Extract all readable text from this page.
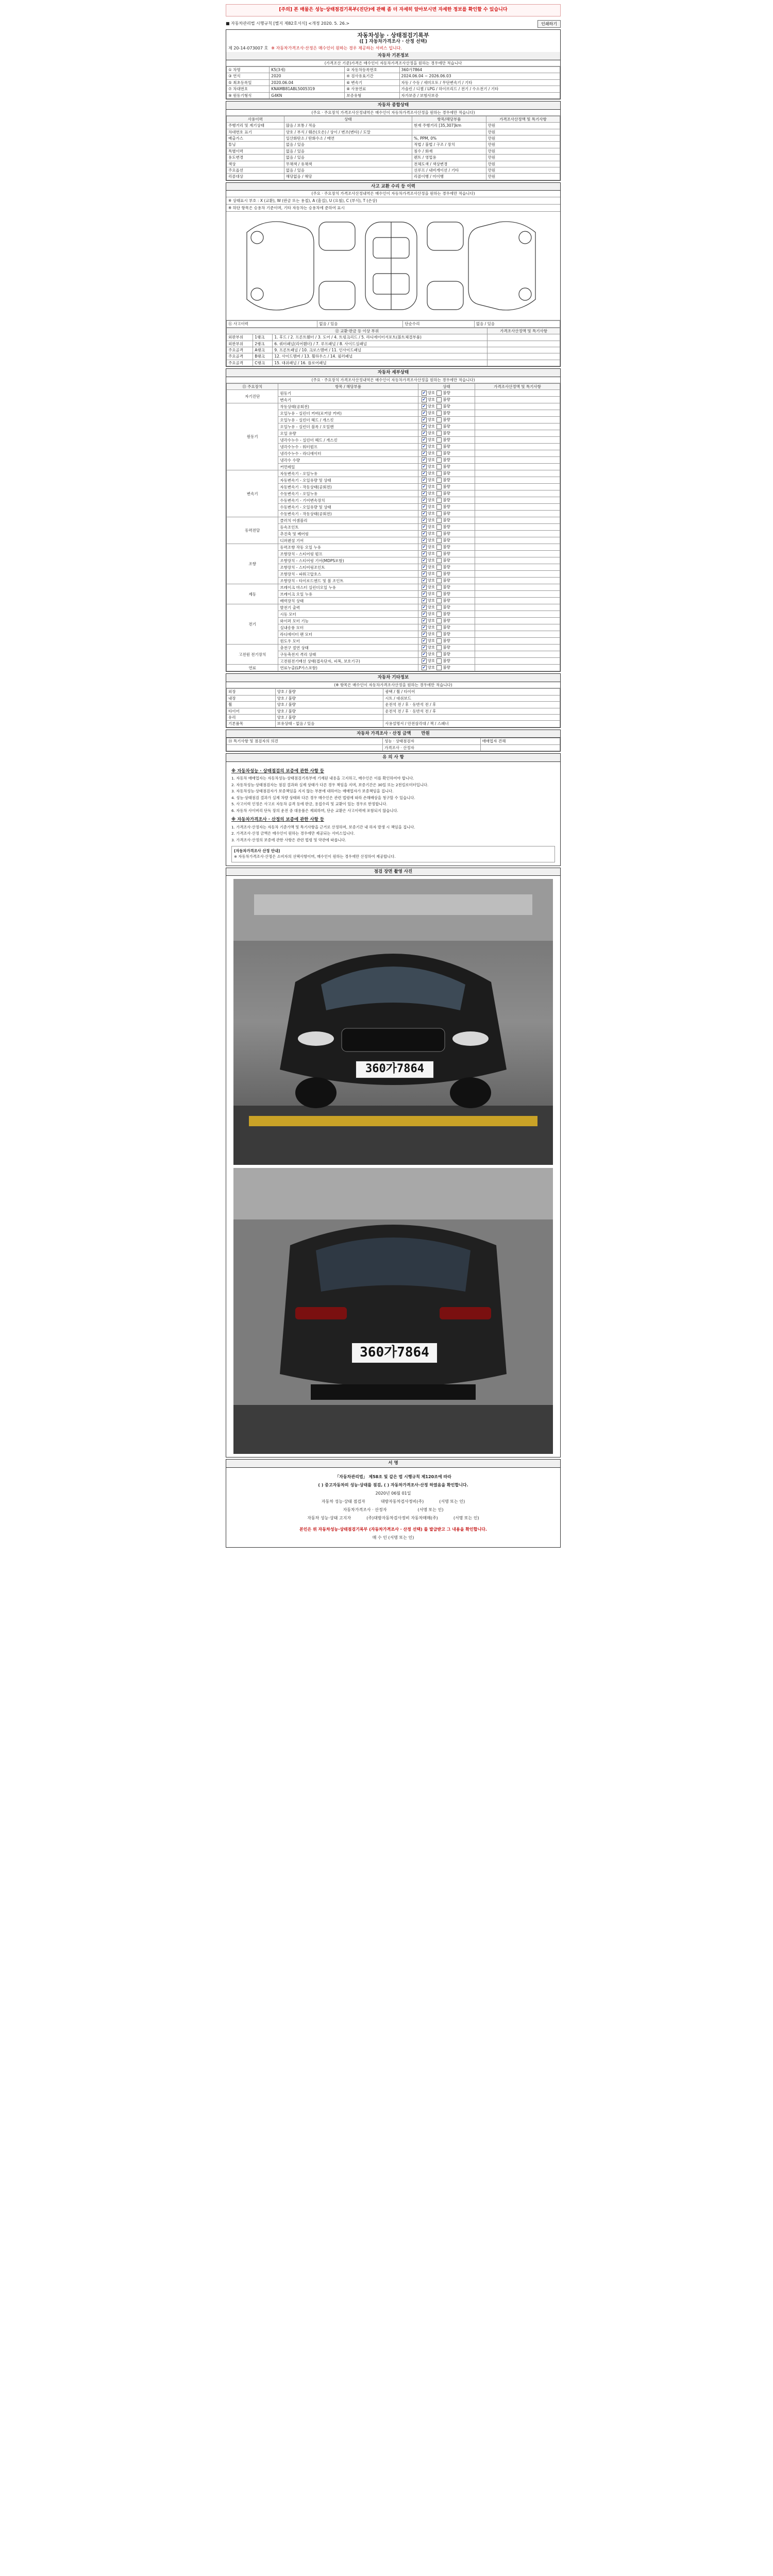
[주의] 본 매물은 성능·상태점검기록부(진단)에 관해 좀 더 자세히 알아보시면 자세한 정보를 확인할 수 있습니다
■ 자동차관리법 시행규칙 [별지 제82호서식] <개정 2020. 5. 26.>	인쇄하기
자동차성능 · 상태점검기록부
([ ] 자동차가격조사 · 산정 선택)
제 20-14-073007 호 ※ 자동차가격조사·산정은 매수인이 원하는 경우 제공하는 서비스 입니다.
자동차 기본정보
(가격조산 기준)가격은 매수인이 자동차가격조사산정을 원하는 경우에만 적습니다
① 차명	K5(3세)	② 자동차등록번호	360가7864
③ 연식	2020	④ 검사유효기간	2024.06.04 ~ 2026.06.03
⑤ 최초등록일	2020.06.04	⑥ 변속기	자동 / 수동 / 세미오토 / 무단변속기 / 기타
⑦ 차대번호	KNAMB81ABL5005319	⑧ 사용연료	가솔린 / 디젤 / LPG / 하이브리드 / 전기 / 수소전기 / 기타
⑨ 원동기형식	G4KN	보증유형	자가보증 / 보험사보증
자동차 종합상태
(주요 · 주요장치 가격조사산정내역은 매수인이 자동차가격조사산정을 원하는 경우에만 적습니다)
사용이력	상태	항목/해당부품	가격조사산정액 및 특기사항
주행거리 및 계기상태	많음 / 보통 / 적음	현재 주행거리 [35,307]km	만원
차대번호 표기	양호 / 부식 / 훼손(오손) / 상이 / 변조(변타) / 도말		만원
배출가스	일산화탄소 / 탄화수소 / 매연	%, PPM, 0%	만원
튜닝	없음 / 있음	적법 / 불법 / 구조 / 장치	만원
특별이력	없음 / 있음	침수 / 화재	만원
용도변경	없음 / 있음	렌트 / 영업용	만원
색상	무채색 / 유채색	전체도색 / 색상변경	만원
주요옵션	없음 / 있음	선루프 / 내비게이션 / 기타	만원
리콜대상	해당없음 / 해당	리콜이행 / 미이행	만원
사고 교환 수리 등 이력
(주요 · 주요장치 가격조사산정내역은 매수인이 자동차가격조사산정을 원하는 경우에만 적습니다)
※ 상태표시 부호 : X (교환), W (판금 또는 용접), A (흠집), U (요철), C (부식), T (손상)
※ 하단 항목은 승용차 기준이며, 기타 자동차는 승용차에 준하여 표시
⑪ 사고이력	없음 / 있음	단순수리	없음 / 있음
⑫ 교환·판금 등 이상 부위			가격조사산정액 및 특기사항
외판부위	1랭크	1. 후드 / 2. 프론트휀더 / 3. 도어 / 4. 트렁크리드 / 5. 라디에이터서포트(볼트체결부품)	
외판부위	2랭크	6. 쿼터패널(리어휀더) / 7. 루프패널 / 8. 사이드실패널	
주요골격	A랭크	9. 프론트패널 / 10. 크로스멤버 / 11. 인사이드패널	
주요골격	B랭크	12. 사이드멤버 / 13. 휠하우스 / 14. 필러패널	
주요골격	C랭크	15. 대쉬패널 / 16. 플로어패널	
자동차 세부상태
(주요 · 주요장치 가격조사산정내역은 매수인이 자동차가격조사산정을 원하는 경우에만 적습니다)
⑬ 주요장치	항목 / 해당부품	상태	가격조사산정액 및 특기사항
자기진단	원동기	✔양호 불량	
	변속기	✔양호 불량	
원동기	작동상태(공회전)	✔양호 불량	
	오일누유 - 실린더 커버(로커암 커버)	✔양호 불량	
	오일누유 - 실린더 헤드 / 개스킷	✔양호 불량	
	오일누유 - 실린더 블록 / 오일팬	✔양호 불량	
	오일 유량	✔양호 불량	
	냉각수누수 - 실린더 헤드 / 개스킷	✔양호 불량	
	냉각수누수 - 워터펌프	✔양호 불량	
	냉각수누수 - 라디에이터	✔양호 불량	
	냉각수 수량	✔양호 불량	
	커먼레일	✔양호 불량	
변속기	자동변속기 - 오일누유	✔양호 불량	
	자동변속기 - 오일유량 및 상태	✔양호 불량	
	자동변속기 - 작동상태(공회전)	✔양호 불량	
	수동변속기 - 오일누유	✔양호 불량	
	수동변속기 - 기어변속장치	✔양호 불량	
	수동변속기 - 오일유량 및 상태	✔양호 불량	
	수동변속기 - 작동상태(공회전)	✔양호 불량	
동력전달	클러치 어셈블리	✔양호 불량	
	등속조인트	✔양호 불량	
	추진축 및 베어링	✔양호 불량	
	디퍼렌셜 기어	✔양호 불량	
조향	동력조향 작동 오일 누유	✔양호 불량	
	조향장치 - 스티어링 펌프	✔양호 불량	
	조향장치 - 스티어링 기어(MDPS포함)	✔양호 불량	
	조향장치 - 스티어링조인트	✔양호 불량	
	조향장치 - 파워고압호스	✔양호 불량	
	조향장치 - 타이로드엔드 및 볼 조인트	✔양호 불량	
제동	브레이크 마스터 실린더오일 누유	✔양호 불량	
	브레이크 오일 누유	✔양호 불량	
	배력장치 상태	✔양호 불량	
전기	발전기 출력	✔양호 불량	
	시동 모터	✔양호 불량	
	와이퍼 모터 기능	✔양호 불량	
	실내송풍 모터	✔양호 불량	
	라디에이터 팬 모터	✔양호 불량	
	윈도우 모터	✔양호 불량	
고전원 전기장치	충전구 절연 상태	✔양호 불량	
	구동축전지 격리 상태	✔양호 불량	
	고전원전기배선 상태(접속단자, 피복, 보호기구)	✔양호 불량	
연료	연료누출(LP가스포함)	✔양호 불량	
자동차 기타정보
(※ 항목은 매수인이 자동차가격조사산정을 원하는 경우에만 적습니다)
외장	양호 / 불량	광택 / 휠 / 타이어
내장	양호 / 불량	시트 / 대쉬보드
휠	양호 / 불량	운전석 전 / 후 · 동반석 전 / 후
타이어	양호 / 불량	운전석 전 / 후 · 동반석 전 / 후
유리	양호 / 불량	
기본품목	보유상태 - 없음 / 있음	사용설명서 / 안전삼각대 / 잭 / 스패너
자동차 가격조사 · 산정 금액 만원
⑭ 특기사항 및 점검자의 의견	성능 · 상태점검자	매매업자 견해
	가격조사 · 산정자	
유 의 사 항
※ 자동차성능 · 상태점검의 보증에 관한 사항 등

1. 자동차 매매업자는 자동차성능·상태점검기록부에 기재된 내용을 고지하고, 매수인은 이를 확인하여야 합니다.

2. 자동차성능·상태점검자는 점검 결과와 실제 상태가 다른 경우 책임을 지며, 보증기간은 30일 또는 2천킬로미터입니다.

3. 자동차성능·상태점검자가 보증책임을 지지 않는 부분에 대하여는 매매업자가 보증책임을 집니다.

4. 성능·상태점검 결과가 실제 차량 상태와 다른 경우 매수인은 관련 법령에 따라 손해배상을 청구할 수 있습니다.

5. 사고이력 인정은 사고로 자동차 골격 등에 판금, 용접수리 및 교환이 있는 경우로 한정합니다.

6. 자동차 사이버리 단독 장의 운전 중 대용품은 제외하며, 단순 교환은 사고이력에 포함되지 않습니다.

※ 자동차가격조사 · 산정의 보증에 관한 사항 등

1. 가격조사·산정자는 자동차 기준가액 및 특기사항을 근거로 산정하며, 보증기간 내 하자 발생 시 책임을 집니다.

2. 가격조사·산정 금액은 매수인이 원하는 경우에만 제공되는 서비스입니다.

3. 가격조사·산정의 보증에 관한 사항은 관련 법령 및 약관에 따릅니다.

[자동차가격조사 산정 안내]
※ 자동차가격조사·산정은 소비자의 선택사항이며, 매수인이 원하는 경우에만 산정하여 제공합니다.
점검 장면 촬영 사진
360가7864
360가7864
서 명
「자동차관리법」 제58조 및 같은 법 시행규칙 제120조에 따라
( ) 중고자동차의 성능·상태를 점검, ( ) 자동차가격조사·산정 하였음을 확인합니다.
2020년 06월 01일
자동차 성능·상태 점검자	대방자동차검사정비(주)	(서명 또는 인)
자동차가격조사 · 산정자	(서명 또는 인)
자동차 성능·상태 고지자	(주)대방자동차검사정비 자동차매매(주)	(서명 또는 인)
본인은 위 자동차성능·상태점검기록부 (자동차가격조사 · 산정 선택) 를 발급받고 그 내용을 확인합니다.
매 수 인 (서명 또는 인)
